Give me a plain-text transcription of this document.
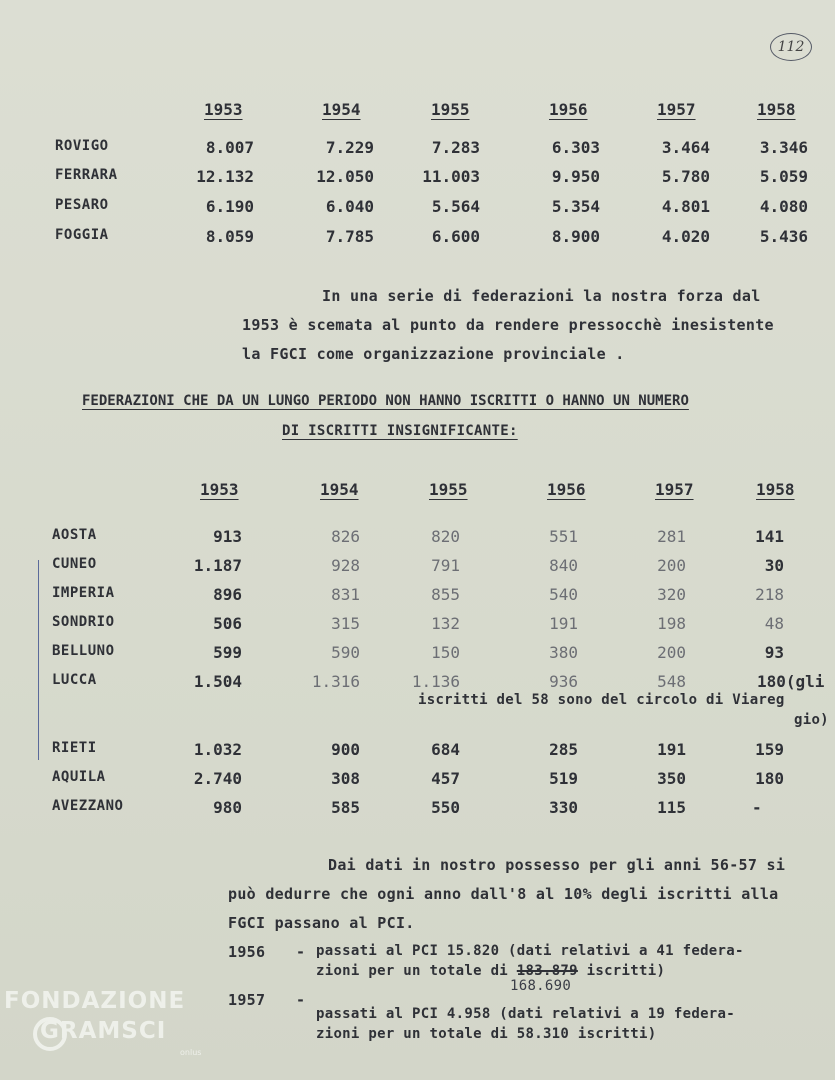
112
1953	1954	1955	1956	1957	1958
ROVIGO	8.007	7.229	7.283	6.303	3.464	3.346
FERRARA	12.132	12.050	11.003	9.950	5.780	5.059
PESARO	6.190	6.040	5.564	5.354	4.801	4.080
FOGGIA	8.059	7.785	6.600	8.900	4.020	5.436
In una serie di federazioni la nostra forza dal
1953 è scemata al punto da rendere pressocchè inesistente
la FGCI come organizzazione provinciale .
FEDERAZIONI CHE DA UN LUNGO PERIODO NON HANNO ISCRITTI O HANNO UN NUMERO
DI ISCRITTI INSIGNIFICANTE:
1953	1954	1955	1956	1957	1958
AOSTA	913	826	820	551	281	141
CUNEO	1.187	928	791	840	200	30
IMPERIA	896	831	855	540	320	218
SONDRIO	506	315	132	191	198	48
BELLUNO	599	590	150	380	200	93
LUCCA	1.504	1.316	1.136	936	548	180(gli
iscritti del 58 sono del circolo di Viareg
gio)
RIETI	1.032	900	684	285	191	159
AQUILA	2.740	308	457	519	350	180
AVEZZANO	980	585	550	330	115	-
Dai dati in nostro possesso per gli anni 56-57 si
può dedurre che ogni anno dall'8 al 10% degli iscritti alla
FGCI passano al PCI.
1956 - passati al PCI 15.820 (dati relativi a 41 federa-
zioni per un totale di 183.879 iscritti)
168.690
1957 -
passati al PCI 4.958 (dati relativi a 19 federa-
zioni per un totale di 58.310 iscritti)
FONDAZIONE
GRAMSCI
onlus
